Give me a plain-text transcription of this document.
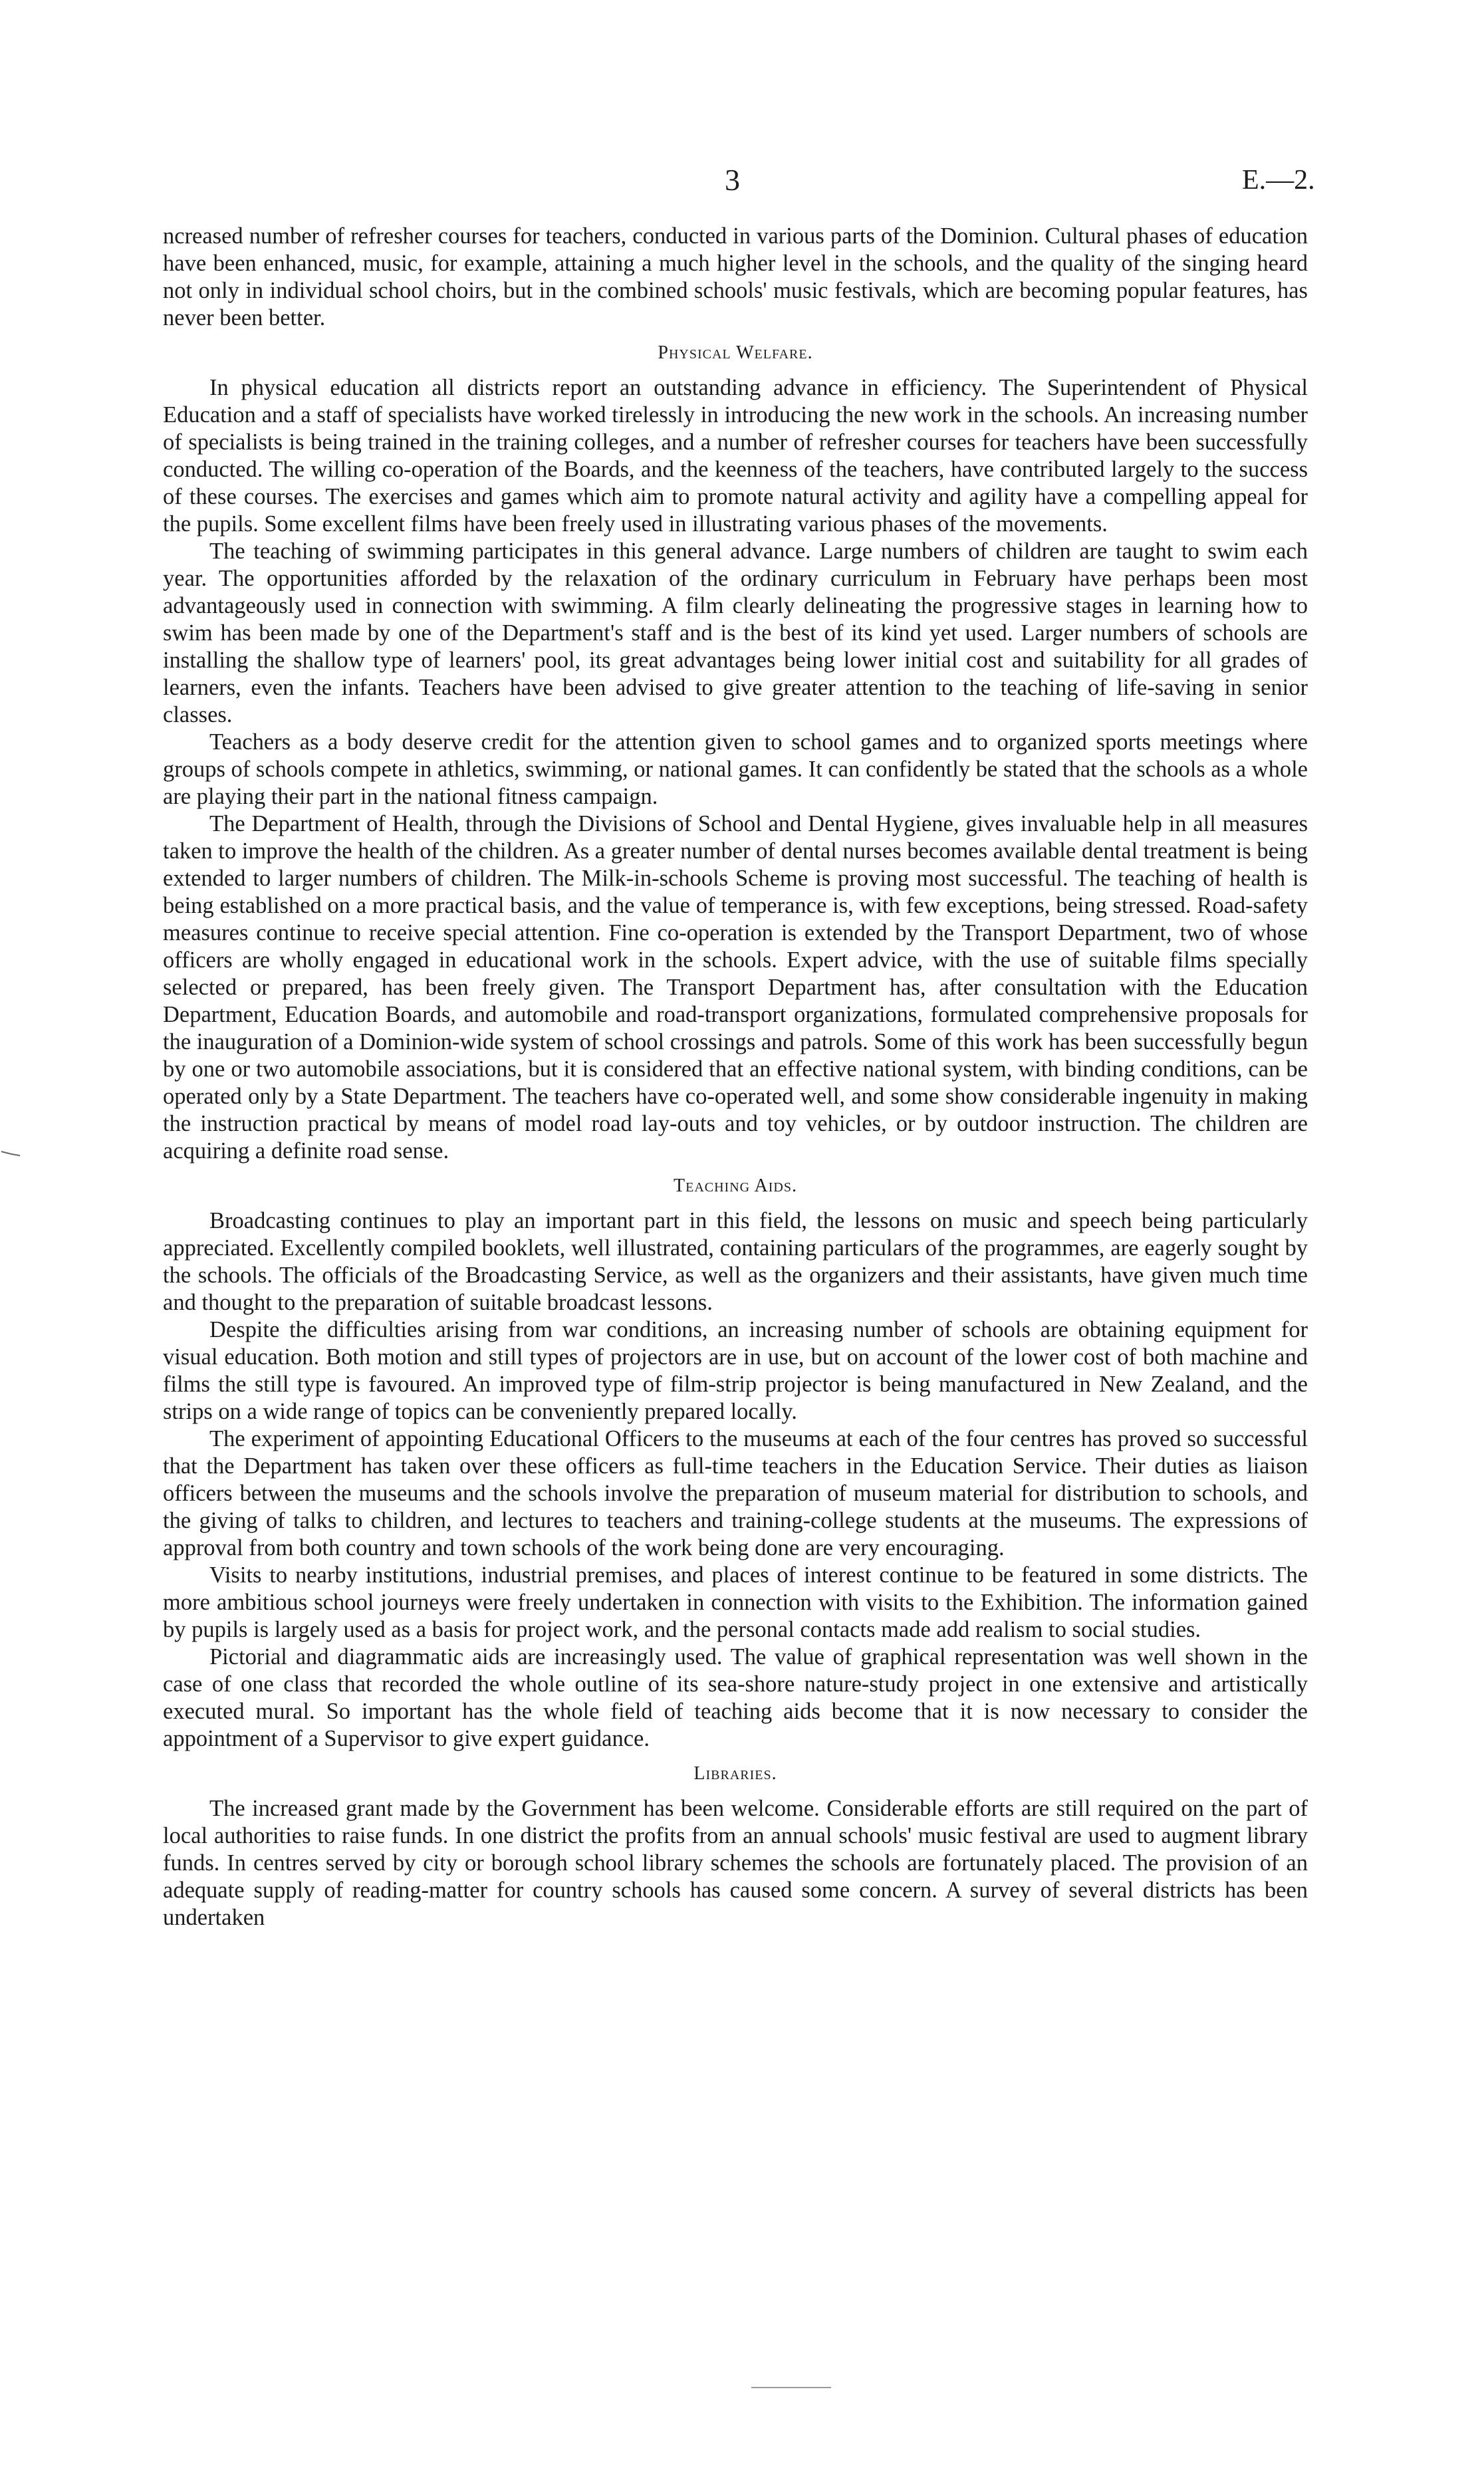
3	E.—2.

ncreased number of refresher courses for teachers, conducted in various parts of the Dominion. Cultural phases of education have been enhanced, music, for example, attaining a much higher level in the schools, and the quality of the singing heard not only in individual school choirs, but in the combined schools' music festivals, which are becoming popular features, has never been better.

Physical Welfare.

In physical education all districts report an outstanding advance in efficiency. The Superintendent of Physical Education and a staff of specialists have worked tirelessly in introducing the new work in the schools. An increasing number of specialists is being trained in the training colleges, and a number of refresher courses for teachers have been successfully conducted. The willing co-operation of the Boards, and the keenness of the teachers, have contributed largely to the success of these courses. The exercises and games which aim to promote natural activity and agility have a compelling appeal for the pupils. Some excellent films have been freely used in illustrating various phases of the movements.

The teaching of swimming participates in this general advance. Large numbers of children are taught to swim each year. The opportunities afforded by the relaxation of the ordinary curriculum in February have perhaps been most advantageously used in connection with swimming. A film clearly delineating the progressive stages in learning how to swim has been made by one of the Department's staff and is the best of its kind yet used. Larger numbers of schools are installing the shallow type of learners' pool, its great advantages being lower initial cost and suitability for all grades of learners, even the infants. Teachers have been advised to give greater attention to the teaching of life-saving in senior classes.

Teachers as a body deserve credit for the attention given to school games and to organized sports meetings where groups of schools compete in athletics, swimming, or national games. It can confidently be stated that the schools as a whole are playing their part in the national fitness campaign.

The Department of Health, through the Divisions of School and Dental Hygiene, gives invaluable help in all measures taken to improve the health of the children. As a greater number of dental nurses becomes available dental treatment is being extended to larger numbers of children. The Milk-in-schools Scheme is proving most successful. The teaching of health is being established on a more practical basis, and the value of temperance is, with few exceptions, being stressed. Road-safety measures continue to receive special attention. Fine co-operation is extended by the Transport Department, two of whose officers are wholly engaged in educational work in the schools. Expert advice, with the use of suitable films specially selected or prepared, has been freely given. The Transport Department has, after consultation with the Education Department, Education Boards, and automobile and road-transport organizations, formulated comprehensive proposals for the inauguration of a Dominion-wide system of school crossings and patrols. Some of this work has been successfully begun by one or two automobile associations, but it is considered that an effective national system, with binding conditions, can be operated only by a State Department. The teachers have co-operated well, and some show considerable ingenuity in making the instruction practical by means of model road lay-outs and toy vehicles, or by outdoor instruction. The children are acquiring a definite road sense.

Teaching Aids.

Broadcasting continues to play an important part in this field, the lessons on music and speech being particularly appreciated. Excellently compiled booklets, well illustrated, containing particulars of the programmes, are eagerly sought by the schools. The officials of the Broadcasting Service, as well as the organizers and their assistants, have given much time and thought to the preparation of suitable broadcast lessons.

Despite the difficulties arising from war conditions, an increasing number of schools are obtaining equipment for visual education. Both motion and still types of projectors are in use, but on account of the lower cost of both machine and films the still type is favoured. An improved type of film-strip projector is being manufactured in New Zealand, and the strips on a wide range of topics can be conveniently prepared locally.

The experiment of appointing Educational Officers to the museums at each of the four centres has proved so successful that the Department has taken over these officers as full-time teachers in the Education Service. Their duties as liaison officers between the museums and the schools involve the preparation of museum material for distribution to schools, and the giving of talks to children, and lectures to teachers and training-college students at the museums. The expressions of approval from both country and town schools of the work being done are very encouraging.

Visits to nearby institutions, industrial premises, and places of interest continue to be featured in some districts. The more ambitious school journeys were freely undertaken in connection with visits to the Exhibition. The information gained by pupils is largely used as a basis for project work, and the personal contacts made add realism to social studies.

Pictorial and diagrammatic aids are increasingly used. The value of graphical representation was well shown in the case of one class that recorded the whole outline of its sea-shore nature-study project in one extensive and artistically executed mural. So important has the whole field of teaching aids become that it is now necessary to consider the appointment of a Supervisor to give expert guidance.

Libraries.

The increased grant made by the Government has been welcome. Considerable efforts are still required on the part of local authorities to raise funds. In one district the profits from an annual schools' music festival are used to augment library funds. In centres served by city or borough school library schemes the schools are fortunately placed. The provision of an adequate supply of reading-matter for country schools has caused some concern. A survey of several districts has been undertaken
